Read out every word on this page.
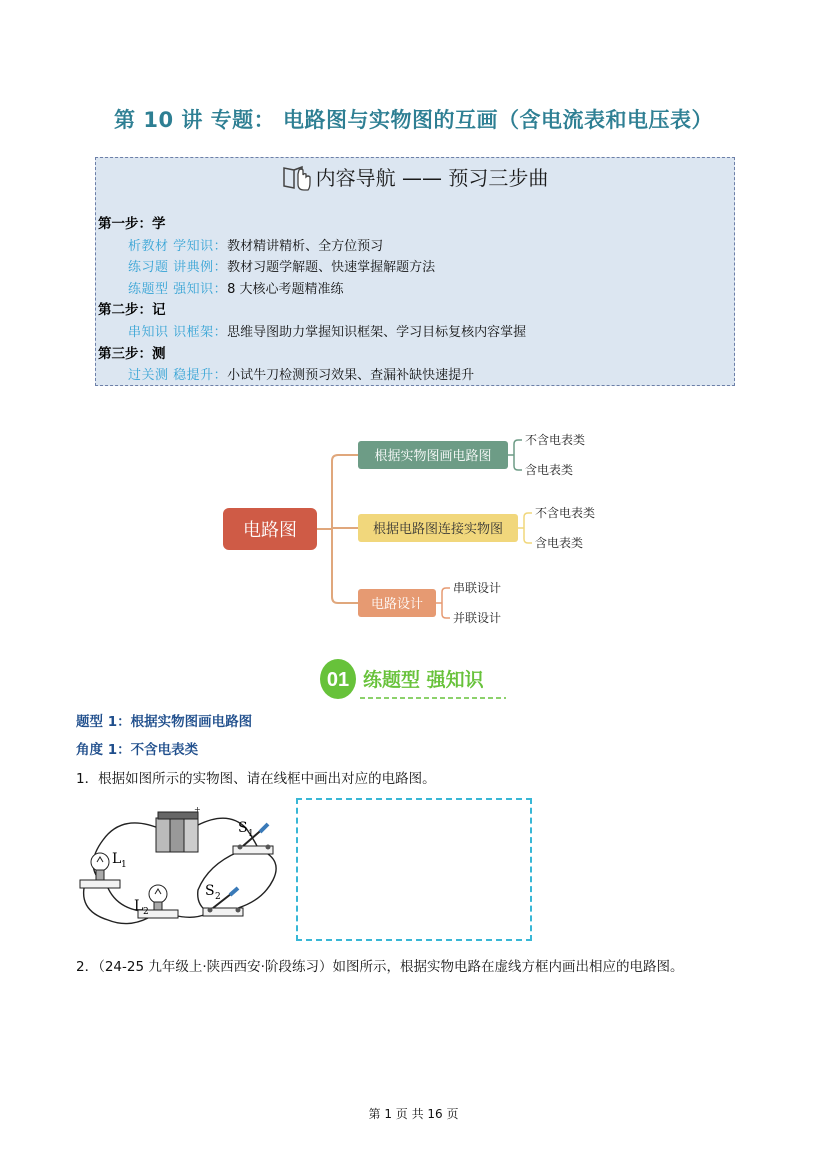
第 10 讲 专题： 电路图与实物图的互画（含电流表和电压表）
内容导航 —— 预习三步曲
第一步：学
析教材 学知识：教材精讲精析、全方位预习
练习题 讲典例：教材习题学解题、快速掌握解题方法
练题型 强知识：8 大核心考题精准练
第二步：记
串知识 识框架：思维导图助力掌握知识框架、学习目标复核内容掌握
第三步：测
过关测 稳提升：小试牛刀检测预习效果、查漏补缺快速提升
电路图
根据实物图画电路图
不含电表类
含电表类
根据电路图连接实物图
不含电表类
含电表类
电路设计
串联设计
并联设计
01 练题型 强知识
题型 1：根据实物图画电路图
角度 1：不含电表类
1．根据如图所示的实物图、请在线框中画出对应的电路图。
+
S 1
L 1
L 2
S 2
2．（24-25 九年级上·陕西西安·阶段练习）如图所示，根据实物电路在虚线方框内画出相应的电路图。
第 1 页 共 16 页
